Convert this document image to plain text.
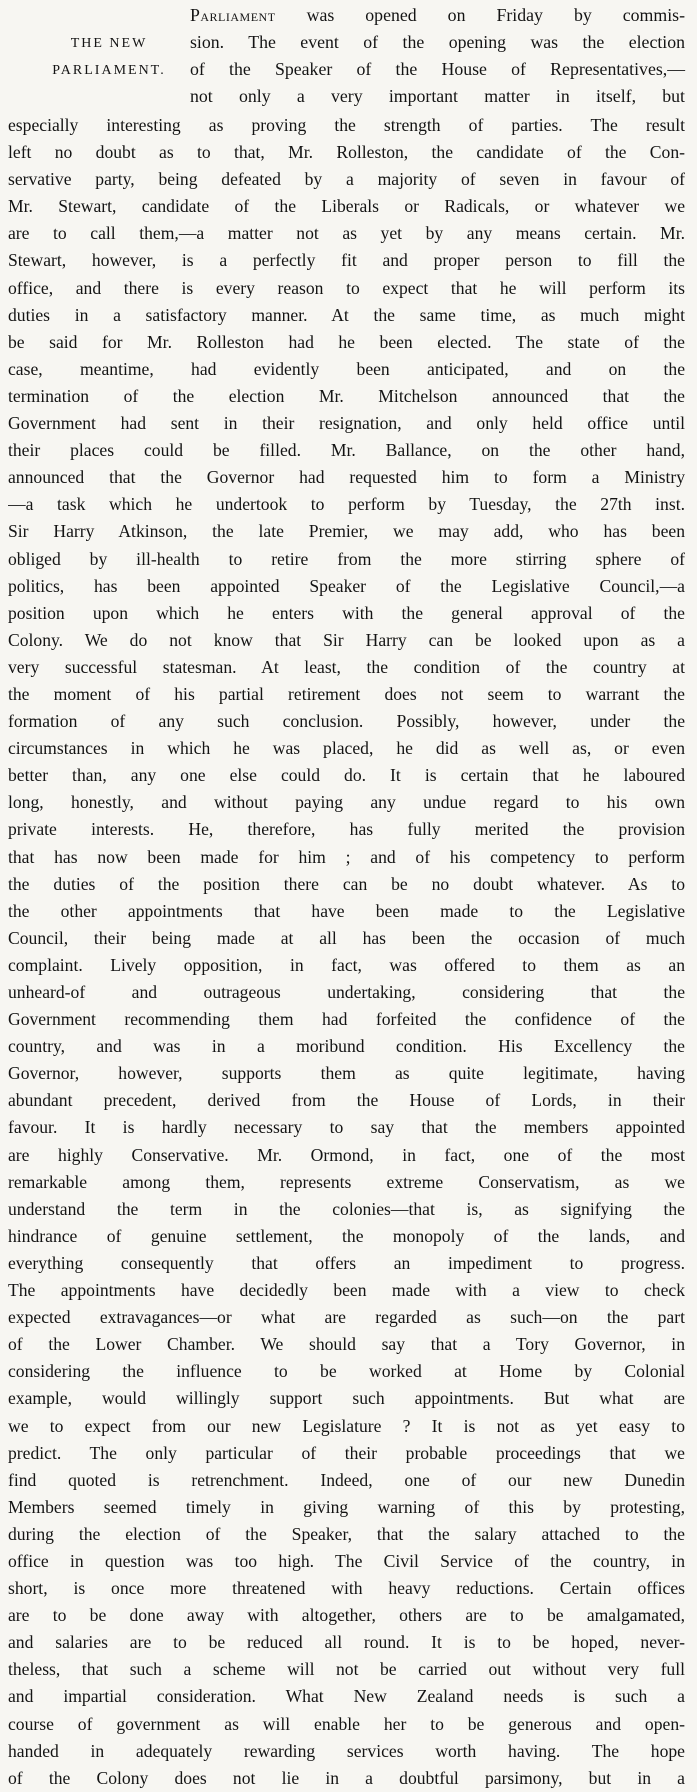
THE NEW
PARLIAMENT.
Parliament was opened on Friday by commis-
sion. The event of the opening was the election
of the Speaker of the House of Representatives,—
not only a very important matter in itself, but
especially interesting as proving the strength of parties. The result
left no doubt as to that, Mr. Rolleston, the candidate of the Con-
servative party, being defeated by a majority of seven in favour of
Mr. Stewart, candidate of the Liberals or Radicals, or whatever we
are to call them,—a matter not as yet by any means certain. Mr.
Stewart, however, is a perfectly fit and proper person to fill the
office, and there is every reason to expect that he will perform its
duties in a satisfactory manner. At the same time, as much might
be said for Mr. Rolleston had he been elected. The state of the
case, meantime, had evidently been anticipated, and on the
termination of the election Mr. Mitchelson announced that the
Government had sent in their resignation, and only held office until
their places could be filled. Mr. Ballance, on the other hand,
announced that the Governor had requested him to form a Ministry
—a task which he undertook to perform by Tuesday, the 27th inst.
Sir Harry Atkinson, the late Premier, we may add, who has been
obliged by ill-health to retire from the more stirring sphere of
politics, has been appointed Speaker of the Legislative Council,—a
position upon which he enters with the general approval of the
Colony. We do not know that Sir Harry can be looked upon as a
very successful statesman. At least, the condition of the country at
the moment of his partial retirement does not seem to warrant the
formation of any such conclusion. Possibly, however, under the
circumstances in which he was placed, he did as well as, or even
better than, any one else could do. It is certain that he laboured
long, honestly, and without paying any undue regard to his own
private interests. He, therefore, has fully merited the provision
that has now been made for him ; and of his competency to perform
the duties of the position there can be no doubt whatever. As to
the other appointments that have been made to the Legislative
Council, their being made at all has been the occasion of much
complaint. Lively opposition, in fact, was offered to them as an
unheard-of and outrageous undertaking, considering that the
Government recommending them had forfeited the confidence of the
country, and was in a moribund condition. His Excellency the
Governor, however, supports them as quite legitimate, having
abundant precedent, derived from the House of Lords, in their
favour. It is hardly necessary to say that the members appointed
are highly Conservative. Mr. Ormond, in fact, one of the most
remarkable among them, represents extreme Conservatism, as we
understand the term in the colonies—that is, as signifying the
hindrance of genuine settlement, the monopoly of the lands, and
everything consequently that offers an impediment to progress.
The appointments have decidedly been made with a view to check
expected extravagances—or what are regarded as such—on the part
of the Lower Chamber. We should say that a Tory Governor, in
considering the influence to be worked at Home by Colonial
example, would willingly support such appointments. But what are
we to expect from our new Legislature ? It is not as yet easy to
predict. The only particular of their probable proceedings that we
find quoted is retrenchment. Indeed, one of our new Dunedin
Members seemed timely in giving warning of this by protesting,
during the election of the Speaker, that the salary attached to the
office in question was too high. The Civil Service of the country, in
short, is once more threatened with heavy reductions. Certain offices
are to be done away with altogether, others are to be amalgamated,
and salaries are to be reduced all round. It is to be hoped, never-
theless, that such a scheme will not be carried out without very full
and impartial consideration. What New Zealand needs is such a
course of government as will enable her to be generous and open-
handed in adequately rewarding services worth having. The hope
of the Colony does not lie in a doubtful parsimony, but in a
